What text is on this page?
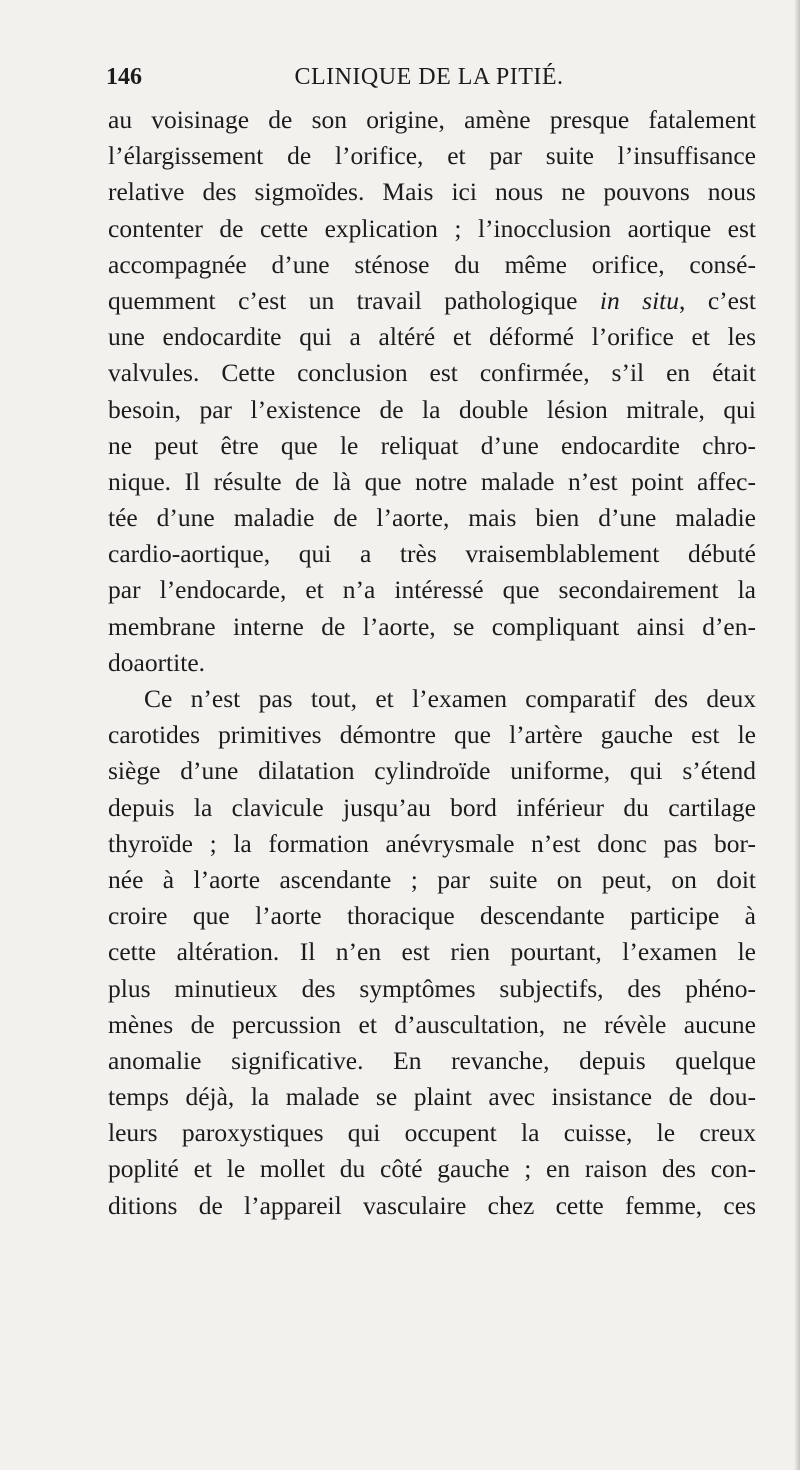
146	CLINIQUE DE LA PITIÉ.
au voisinage de son origine, amène presque fatalement
l’élargissement de l’orifice, et par suite l’insuffisance
relative des sigmoïdes. Mais ici nous ne pouvons nous
contenter de cette explication ; l’inocclusion aortique est
accompagnée d’une sténose du même orifice, consé-
quemment c’est un travail pathologique in situ, c’est
une endocardite qui a altéré et déformé l’orifice et les
valvules. Cette conclusion est confirmée, s’il en était
besoin, par l’existence de la double lésion mitrale, qui
ne peut être que le reliquat d’une endocardite chro-
nique. Il résulte de là que notre malade n’est point affec-
tée d’une maladie de l’aorte, mais bien d’une maladie
cardio-aortique, qui a très vraisemblablement débuté
par l’endocarde, et n’a intéressé que secondairement la
membrane interne de l’aorte, se compliquant ainsi d’en-
doaortite.
Ce n’est pas tout, et l’examen comparatif des deux
carotides primitives démontre que l’artère gauche est le
siège d’une dilatation cylindroïde uniforme, qui s’étend
depuis la clavicule jusqu’au bord inférieur du cartilage
thyroïde ; la formation anévrysmale n’est donc pas bor-
née à l’aorte ascendante ; par suite on peut, on doit
croire que l’aorte thoracique descendante participe à
cette altération. Il n’en est rien pourtant, l’examen le
plus minutieux des symptômes subjectifs, des phéno-
mènes de percussion et d’auscultation, ne révèle aucune
anomalie significative. En revanche, depuis quelque
temps déjà, la malade se plaint avec insistance de dou-
leurs paroxystiques qui occupent la cuisse, le creux
poplité et le mollet du côté gauche ; en raison des con-
ditions de l’appareil vasculaire chez cette femme, ces
